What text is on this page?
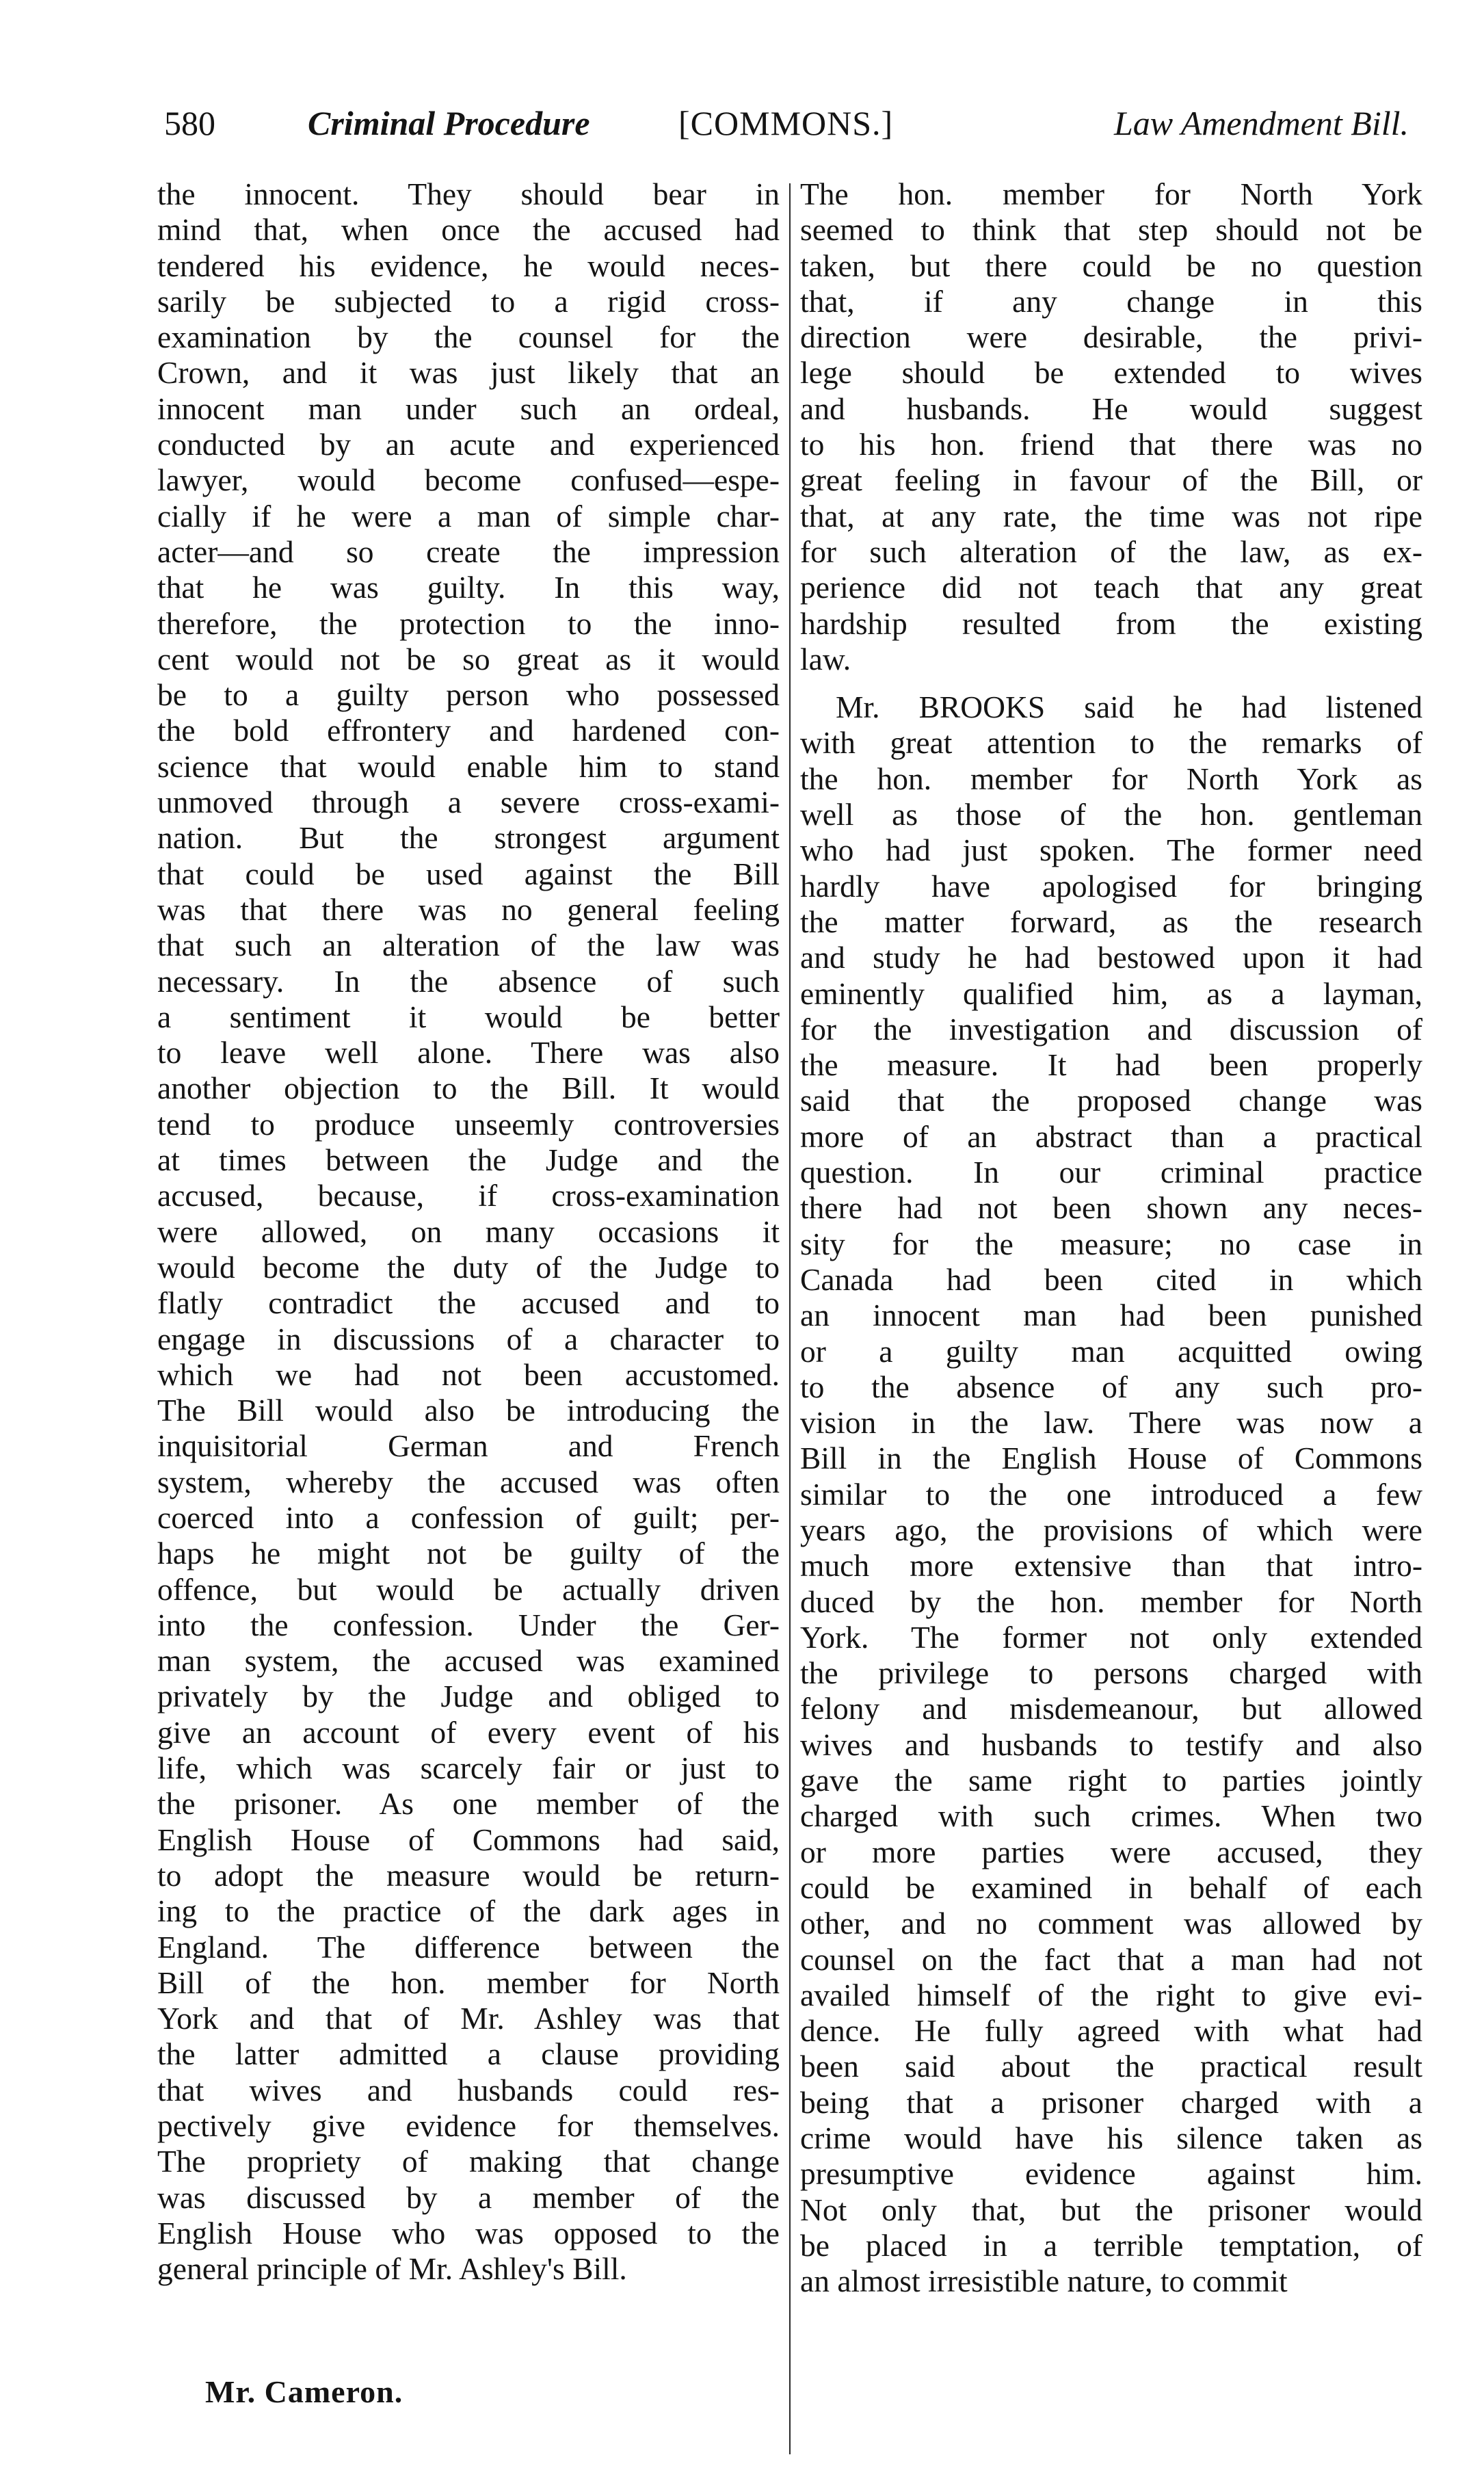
580	Criminal Procedure	[COMMONS.]	Law Amendment Bill.

the innocent. They should bear in
mind that, when once the accused had
tendered his evidence, he would neces-
sarily be subjected to a rigid cross-
examination by the counsel for the
Crown, and it was just likely that an
innocent man under such an ordeal,
conducted by an acute and experienced
lawyer, would become confused—espe-
cially if he were a man of simple char-
acter—and so create the impression
that he was guilty. In this way,
therefore, the protection to the inno-
cent would not be so great as it would
be to a guilty person who possessed
the bold effrontery and hardened con-
science that would enable him to stand
unmoved through a severe cross-exami-
nation. But the strongest argument
that could be used against the Bill
was that there was no general feeling
that such an alteration of the law was
necessary. In the absence of such
a sentiment it would be better
to leave well alone. There was also
another objection to the Bill. It would
tend to produce unseemly controversies
at times between the Judge and the
accused, because, if cross-examination
were allowed, on many occasions it
would become the duty of the Judge to
flatly contradict the accused and to
engage in discussions of a character to
which we had not been accustomed.
The Bill would also be introducing the
inquisitorial German and French
system, whereby the accused was often
coerced into a confession of guilt; per-
haps he might not be guilty of the
offence, but would be actually driven
into the confession. Under the Ger-
man system, the accused was examined
privately by the Judge and obliged to
give an account of every event of his
life, which was scarcely fair or just to
the prisoner. As one member of the
English House of Commons had said,
to adopt the measure would be return-
ing to the practice of the dark ages in
England. The difference between the
Bill of the hon. member for North
York and that of Mr. Ashley was that
the latter admitted a clause providing
that wives and husbands could res-
pectively give evidence for themselves.
The propriety of making that change
was discussed by a member of the
English House who was opposed to the
general principle of Mr. Ashley's Bill.

The hon. member for North York
seemed to think that step should not be
taken, but there could be no question
that, if any change in this
direction were desirable, the privi-
lege should be extended to wives
and husbands. He would suggest
to his hon. friend that there was no
great feeling in favour of the Bill, or
that, at any rate, the time was not ripe
for such alteration of the law, as ex-
perience did not teach that any great
hardship resulted from the existing
law.

Mr. BROOKS said he had listened
with great attention to the remarks of
the hon. member for North York as
well as those of the hon. gentleman
who had just spoken. The former need
hardly have apologised for bringing
the matter forward, as the research
and study he had bestowed upon it had
eminently qualified him, as a layman,
for the investigation and discussion of
the measure. It had been properly
said that the proposed change was
more of an abstract than a practical
question. In our criminal practice
there had not been shown any neces-
sity for the measure; no case in
Canada had been cited in which
an innocent man had been punished
or a guilty man acquitted owing
to the absence of any such pro-
vision in the law. There was now a
Bill in the English House of Commons
similar to the one introduced a few
years ago, the provisions of which were
much more extensive than that intro-
duced by the hon. member for North
York. The former not only extended
the privilege to persons charged with
felony and misdemeanour, but allowed
wives and husbands to testify and also
gave the same right to parties jointly
charged with such crimes. When two
or more parties were accused, they
could be examined in behalf of each
other, and no comment was allowed by
counsel on the fact that a man had not
availed himself of the right to give evi-
dence. He fully agreed with what had
been said about the practical result
being that a prisoner charged with a
crime would have his silence taken as
presumptive evidence against him.
Not only that, but the prisoner would
be placed in a terrible temptation, of
an almost irresistible nature, to commit

Mr. Cameron.
